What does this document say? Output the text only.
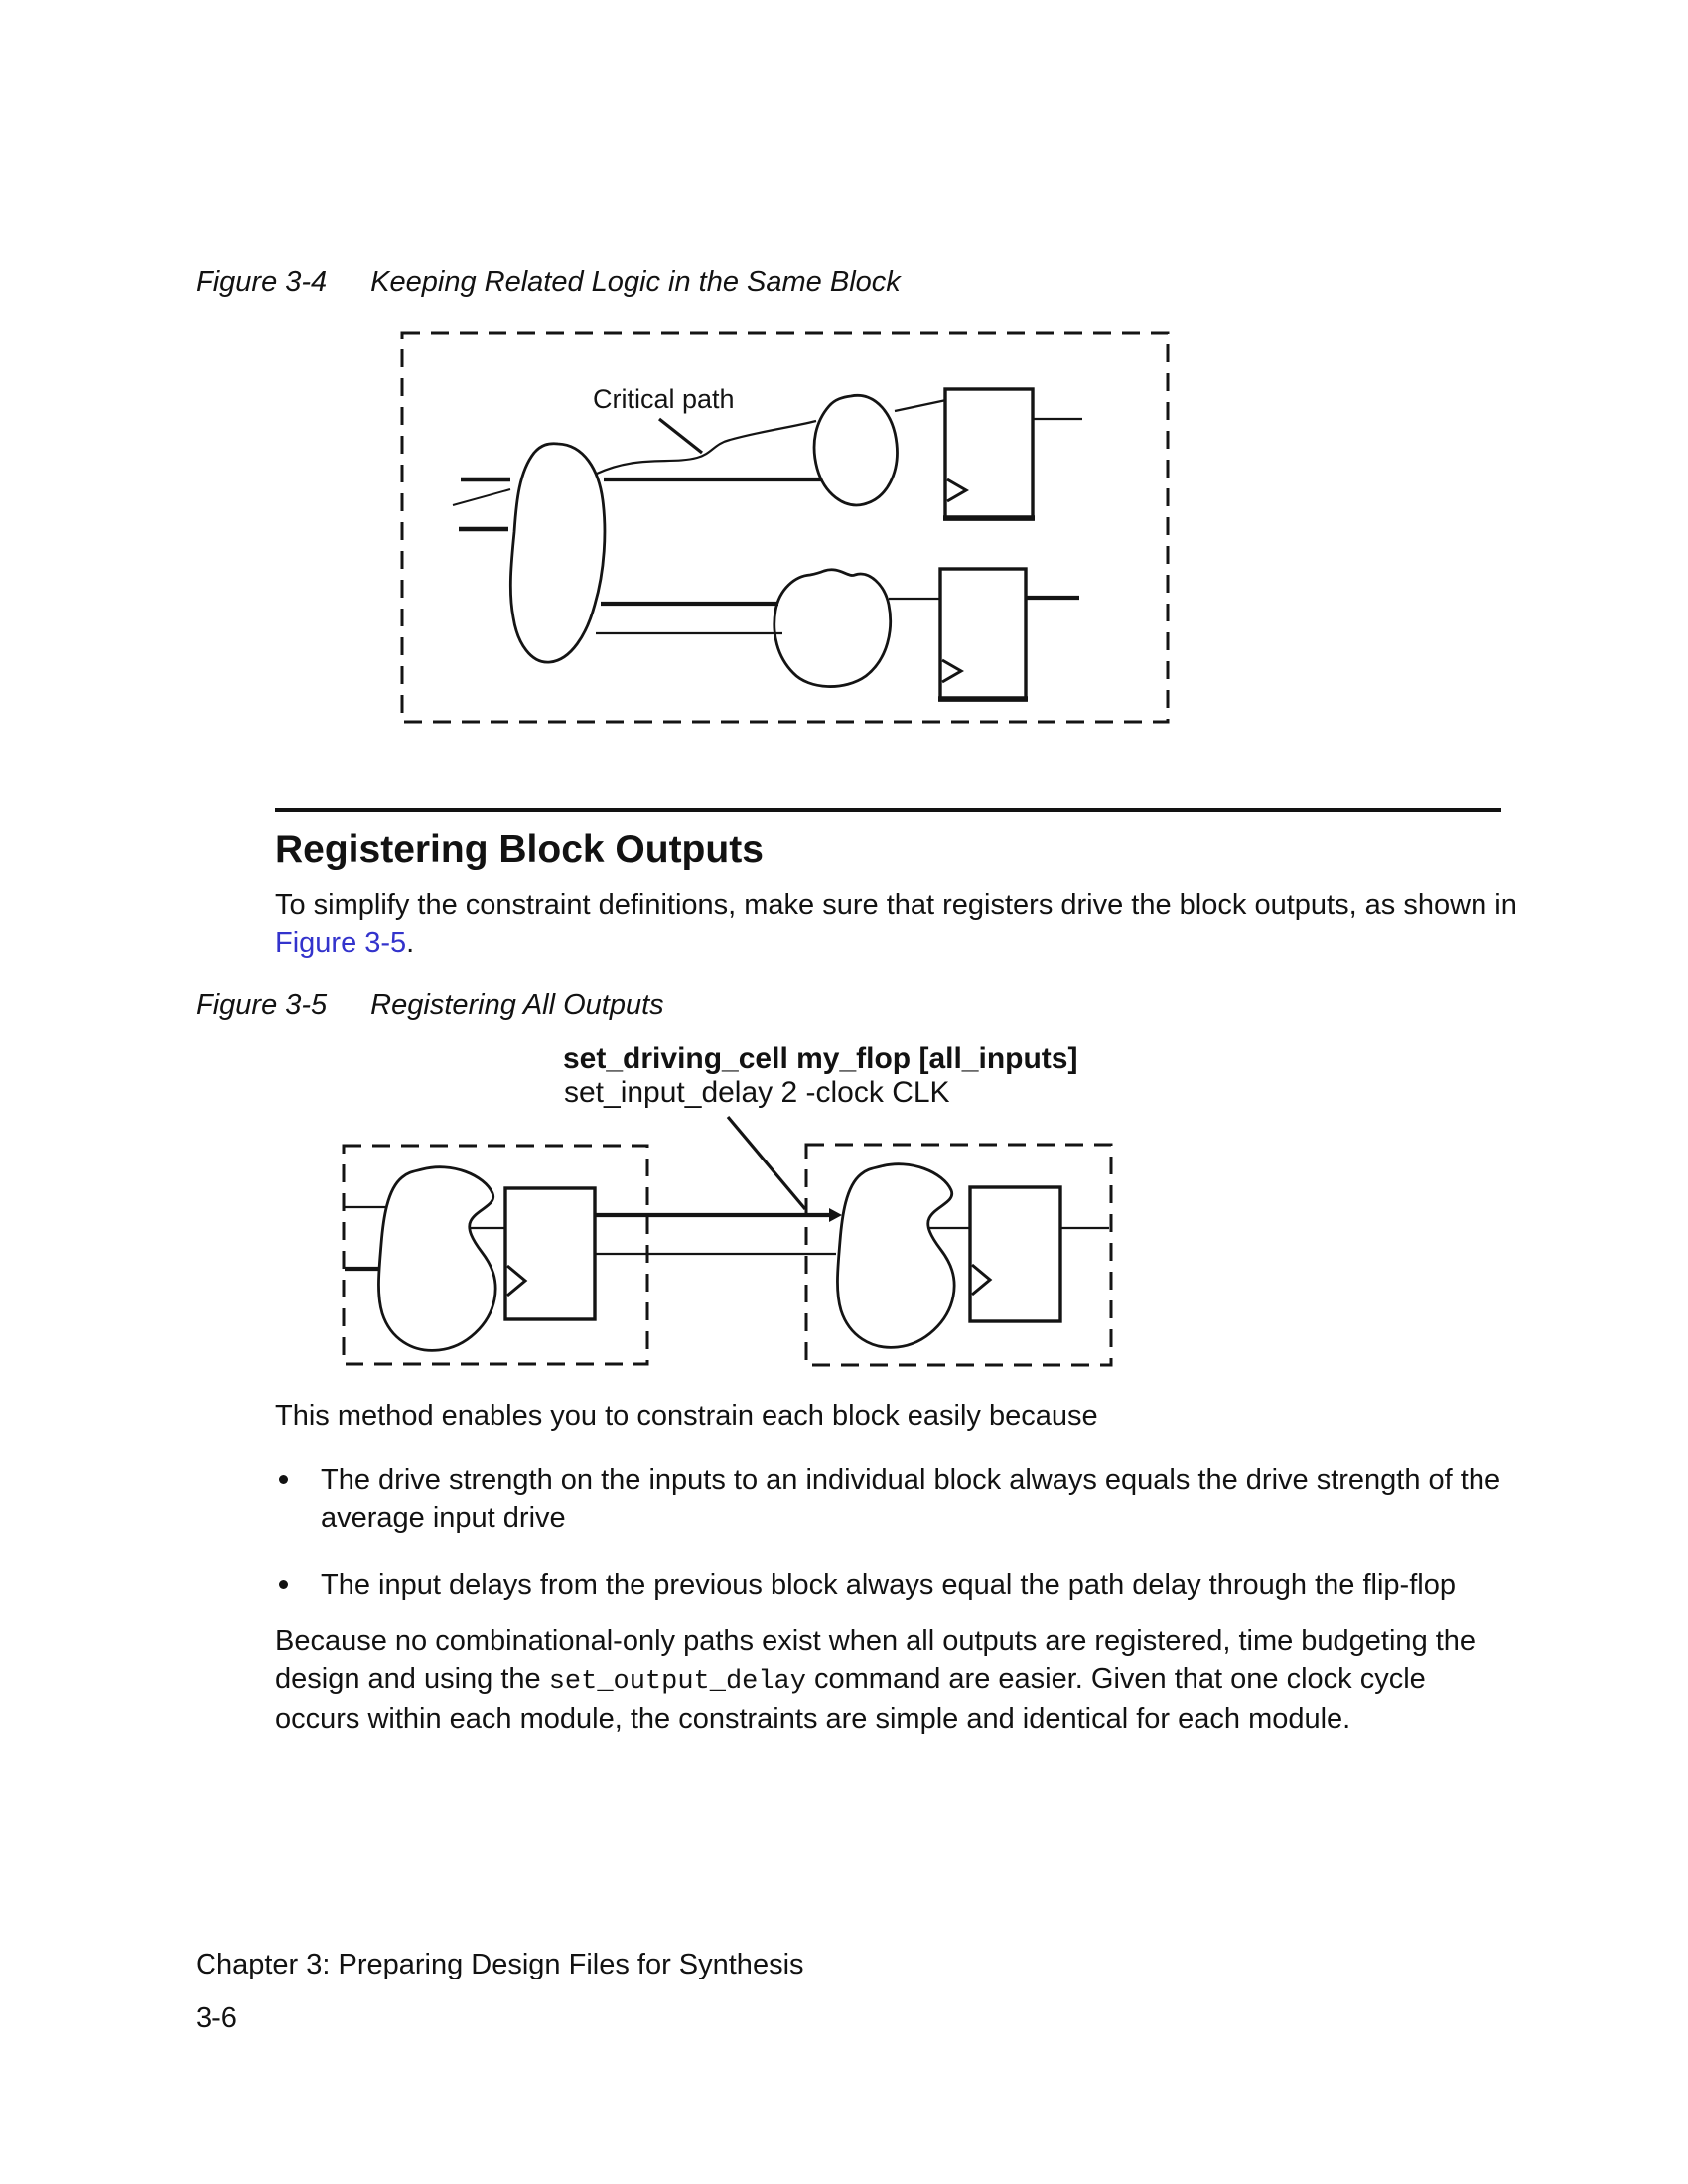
Figure 3-4 Keeping Related Logic in the Same Block
Critical path
Registering Block Outputs

To simplify the constraint definitions, make sure that registers drive the block outputs, as shown in Figure 3-5.

Figure 3-5 Registering All Outputs
set_driving_cell my_flop [all_inputs]
set_input_delay 2 -clock CLK

This method enables you to constrain each block easily because

The drive strength on the inputs to an individual block always equals the drive strength of the average input drive
The input delays from the previous block always equal the path delay through the flip-flop

Because no combinational-only paths exist when all outputs are registered, time budgeting the design and using the set_output_delay command are easier. Given that one clock cycle occurs within each module, the constraints are simple and identical for each module.

Chapter 3: Preparing Design Files for Synthesis
3-6
